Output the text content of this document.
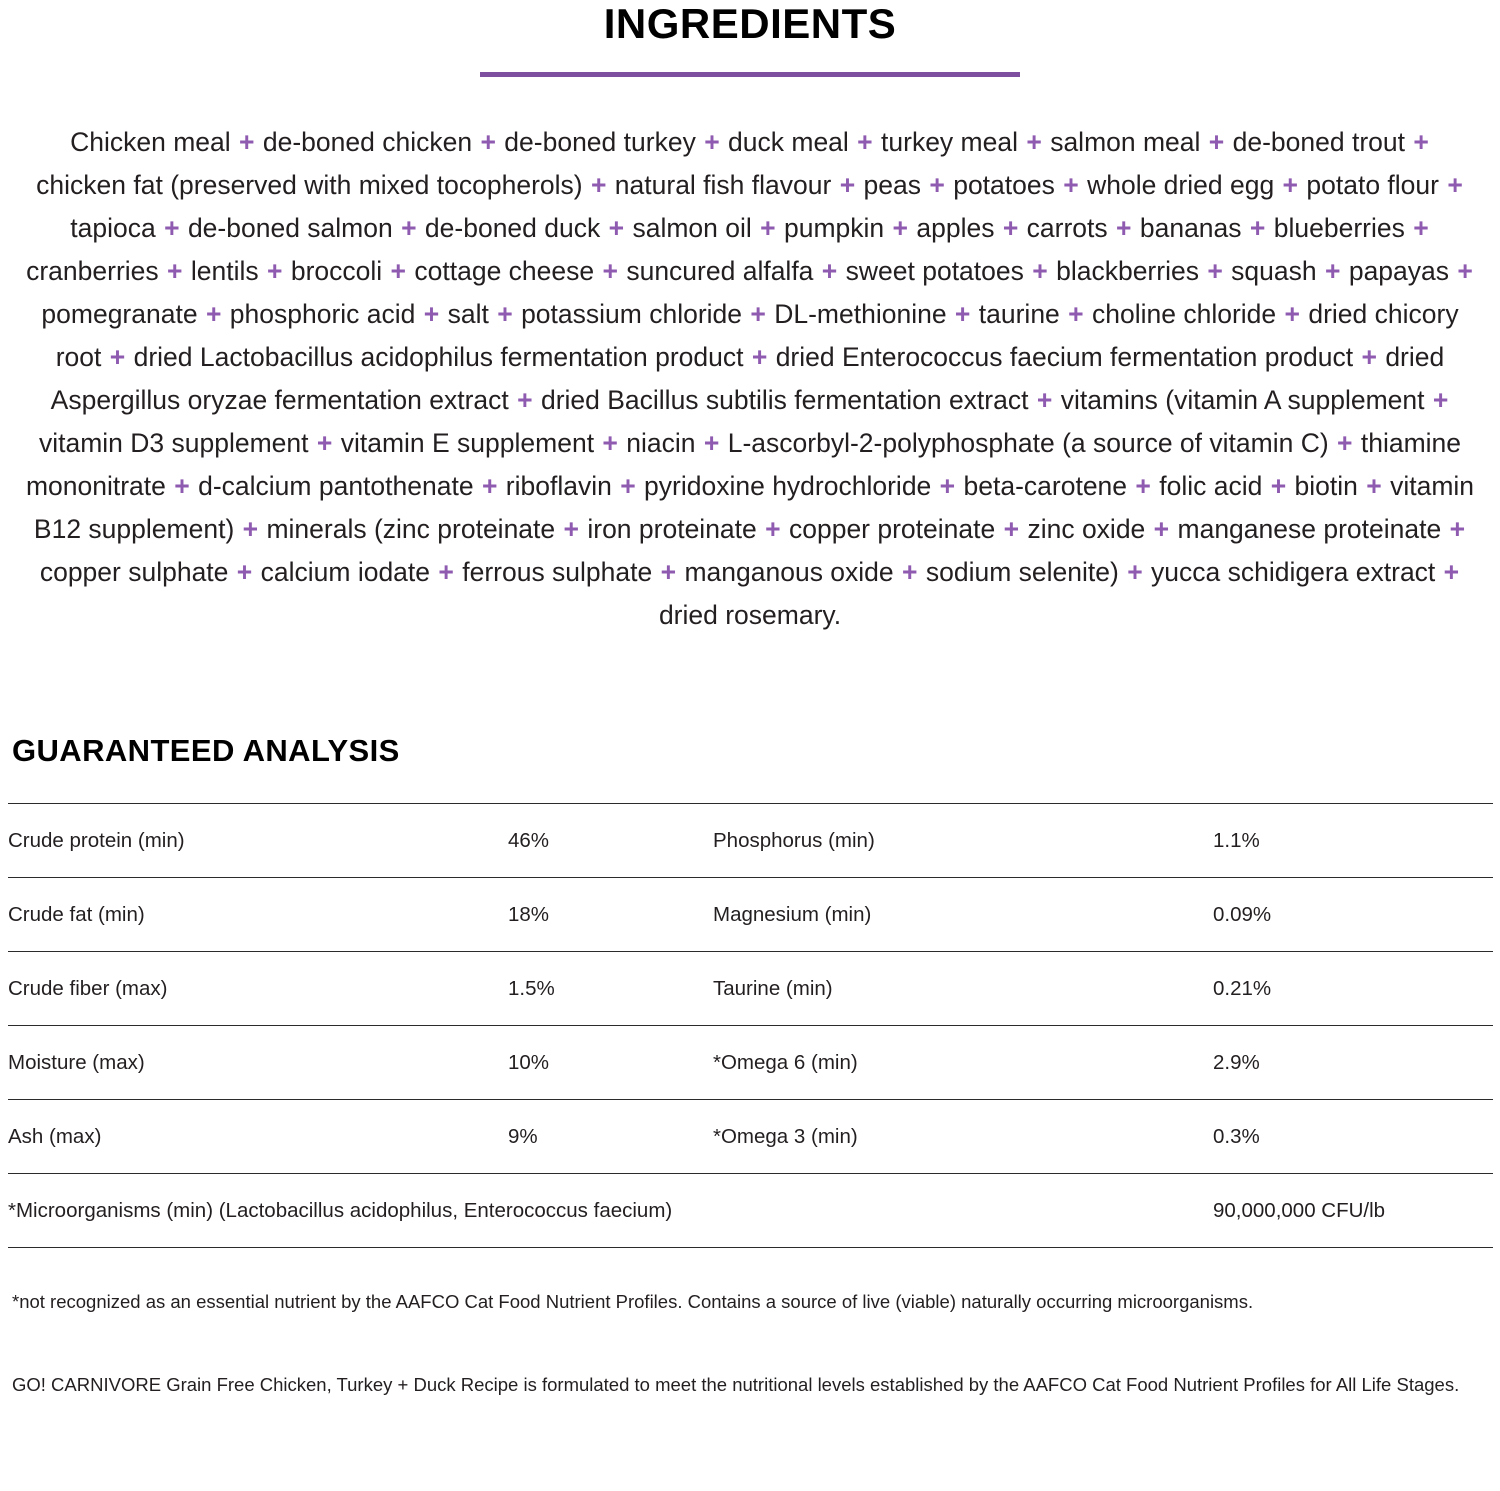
INGREDIENTS

Chicken meal + de-boned chicken + de-boned turkey + duck meal + turkey meal + salmon meal + de-boned trout + chicken fat (preserved with mixed tocopherols) + natural fish flavour + peas + potatoes + whole dried egg + potato flour + tapioca + de-boned salmon + de-boned duck + salmon oil + pumpkin + apples + carrots + bananas + blueberries + cranberries + lentils + broccoli + cottage cheese + suncured alfalfa + sweet potatoes + blackberries + squash + papayas + pomegranate + phosphoric acid + salt + potassium chloride + DL-methionine + taurine + choline chloride + dried chicory root + dried Lactobacillus acidophilus fermentation product + dried Enterococcus faecium fermentation product + dried Aspergillus oryzae fermentation extract + dried Bacillus subtilis fermentation extract + vitamins (vitamin A supplement + vitamin D3 supplement + vitamin E supplement + niacin + L-ascorbyl-2-polyphosphate (a source of vitamin C) + thiamine mononitrate + d-calcium pantothenate + riboflavin + pyridoxine hydrochloride + beta-carotene + folic acid + biotin + vitamin B12 supplement) + minerals (zinc proteinate + iron proteinate + copper proteinate + zinc oxide + manganese proteinate + copper sulphate + calcium iodate + ferrous sulphate + manganous oxide + sodium selenite) + yucca schidigera extract + dried rosemary.

GUARANTEED ANALYSIS
Crude protein (min)	46%	Phosphorus (min)	1.1%
Crude fat (min)	18%	Magnesium (min)	0.09%
Crude fiber (max)	1.5%	Taurine (min)	0.21%
Moisture (max)	10%	*Omega 6 (min)	2.9%
Ash (max)	9%	*Omega 3 (min)	0.3%
*Microorganisms (min) (Lactobacillus acidophilus, Enterococcus faecium)			90,000,000 CFU/lb

*not recognized as an essential nutrient by the AAFCO Cat Food Nutrient Profiles. Contains a source of live (viable) naturally occurring microorganisms.

GO! CARNIVORE Grain Free Chicken, Turkey + Duck Recipe is formulated to meet the nutritional levels established by the AAFCO Cat Food Nutrient Profiles for All Life Stages.
